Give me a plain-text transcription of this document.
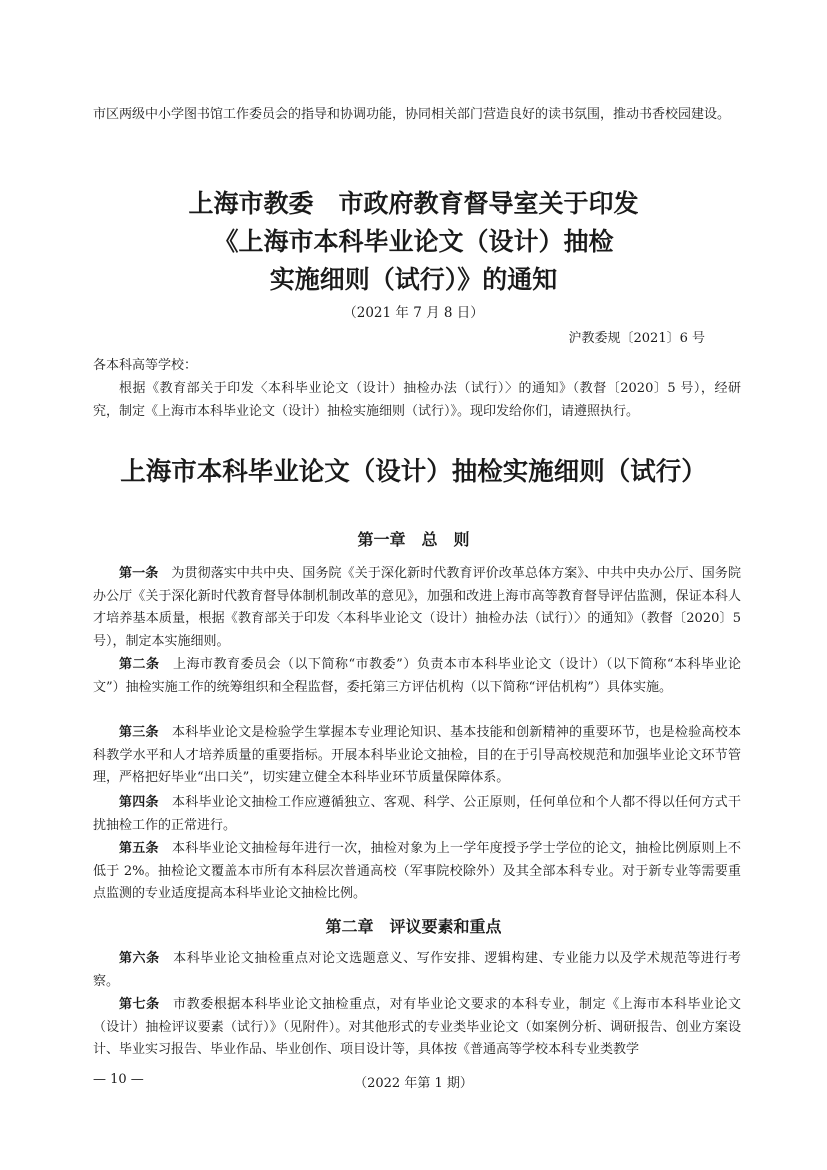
市区两级中小学图书馆工作委员会的指导和协调功能，协同相关部门营造良好的读书氛围，推动书香校园建设。

上海市教委　市政府教育督导室关于印发
《上海市本科毕业论文（设计）抽检
实施细则（试行）》的通知
（2021 年 7 月 8 日）
沪教委规〔2021〕6 号

各本科高等学校：

根据《教育部关于印发〈本科毕业论文（设计）抽检办法（试行）〉的通知》（教督〔2020〕5 号），经研究，制定《上海市本科毕业论文（设计）抽检实施细则（试行）》。现印发给你们，请遵照执行。

上海市本科毕业论文（设计）抽检实施细则（试行）
第一章　总　则

第一条　 为贯彻落实中共中央、国务院《关于深化新时代教育评价改革总体方案》、中共中央办公厅、国务院办公厅《关于深化新时代教育督导体制机制改革的意见》，加强和改进上海市高等教育督导评估监测，保证本科人才培养基本质量，根据《教育部关于印发〈本科毕业论文（设计）抽检办法（试行）〉的通知》（教督〔2020〕5 号），制定本实施细则。

第二条　 上海市教育委员会（以下简称“市教委”）负责本市本科毕业论文（设计）（以下简称“本科毕业论文”）抽检实施工作的统筹组织和全程监督，委托第三方评估机构（以下简称“评估机构”）具体实施。

第三条　 本科毕业论文是检验学生掌握本专业理论知识、基本技能和创新精神的重要环节，也是检验高校本科教学水平和人才培养质量的重要指标。开展本科毕业论文抽检，目的在于引导高校规范和加强毕业论文环节管理，严格把好毕业“出口关”，切实建立健全本科毕业环节质量保障体系。

第四条　 本科毕业论文抽检工作应遵循独立、客观、科学、公正原则，任何单位和个人都不得以任何方式干扰抽检工作的正常进行。

第五条　 本科毕业论文抽检每年进行一次，抽检对象为上一学年度授予学士学位的论文，抽检比例原则上不低于 2%。抽检论文覆盖本市所有本科层次普通高校（军事院校除外）及其全部本科专业。对于新专业等需要重点监测的专业适度提高本科毕业论文抽检比例。

第二章　评议要素和重点

第六条　 本科毕业论文抽检重点对论文选题意义、写作安排、逻辑构建、专业能力以及学术规范等进行考察。

第七条　 市教委根据本科毕业论文抽检重点，对有毕业论文要求的本科专业，制定《上海市本科毕业论文（设计）抽检评议要素（试行）》（见附件）。对其他形式的专业类毕业论文（如案例分析、调研报告、创业方案设计、毕业实习报告、毕业作品、毕业创作、项目设计等，具体按《普通高等学校本科专业类教学

— 10 —	（2022 年第 1 期）
